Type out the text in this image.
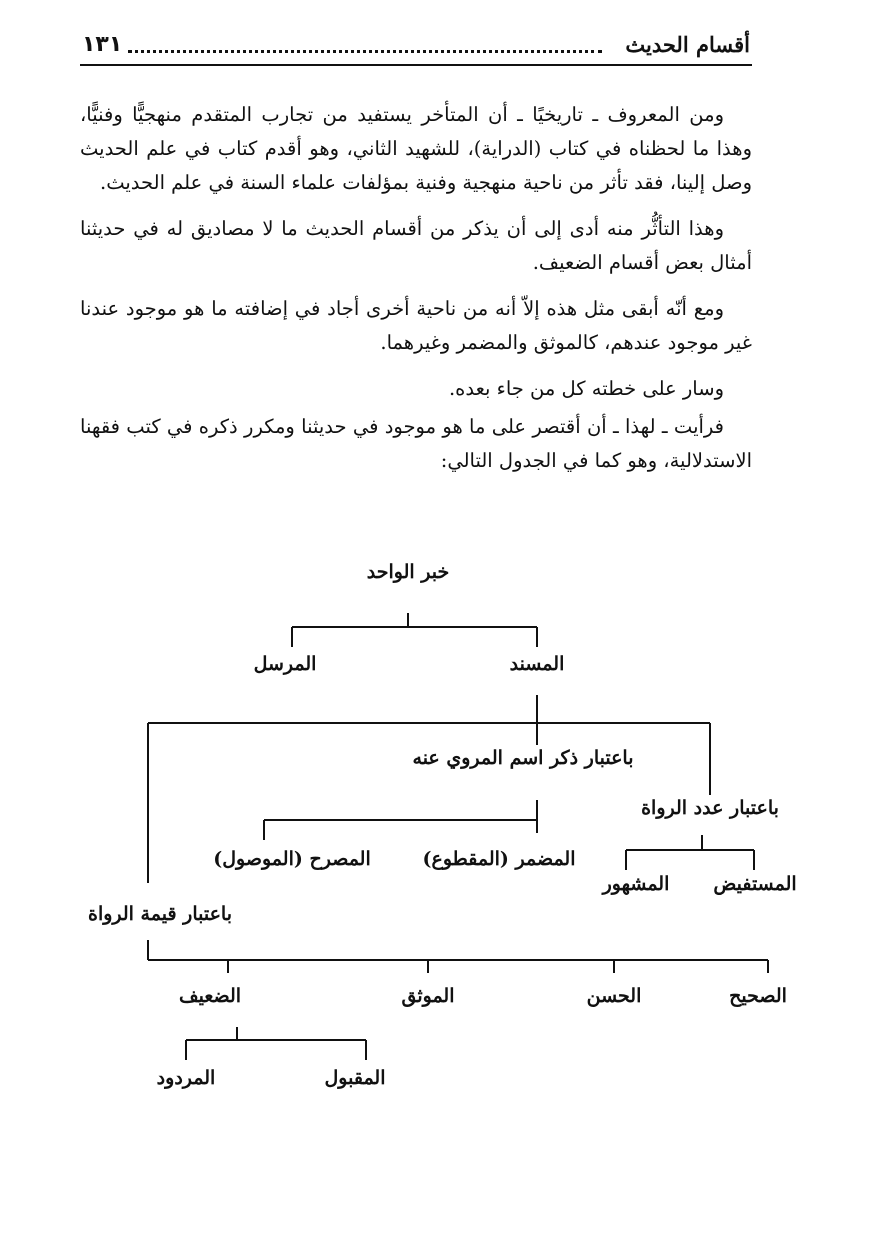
١٣١	أقسام الحديث

ومن المعروف ـ تاريخيًا ـ أن المتأخر يستفيد من تجارب المتقدم منهجيًّا وفنيًّا، وهذا ما لحظناه في كتاب (الدراية)، للشهيد الثاني، وهو أقدم كتاب في علم الحديث وصل إلينا، فقد تأثر من ناحية منهجية وفنية بمؤلفات علماء السنة في علم الحديث.

وهذا التأثُّر منه أدى إلى أن يذكر من أقسام الحديث ما لا مصاديق له في حديثنا أمثال بعض أقسام الضعيف.

ومع أنّه أبقى مثل هذه إلاّ أنه من ناحية أخرى أجاد في إضافته ما هو موجود عندنا غير موجود عندهم، كالموثق والمضمر وغيرهما.

وسار على خطته كل من جاء بعده.

فرأيت ـ لهذا ـ أن أقتصر على ما هو موجود في حديثنا ومكرر ذكره في كتب فقهنا الاستدلالية، وهو كما في الجدول التالي:

خبر الواحد
المسند
المرسل
باعتبار ذكر اسم المروي عنه
باعتبار عدد الرواة
المضمر (المقطوع)
المصرح (الموصول)
المستفيض
المشهور
باعتبار قيمة الرواة
الصحيح
الحسن
الموثق
الضعيف
المقبول
المردود
